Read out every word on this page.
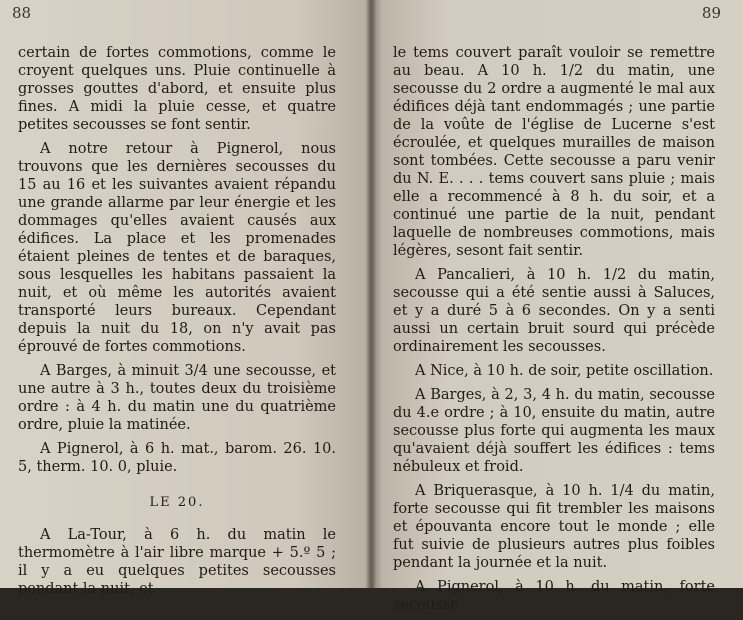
88

certain de fortes commotions, comme le croyent quelques uns. Pluie continuelle à grosses gouttes d'abord, et ensuite plus fines. A midi la pluie cesse, et quatre petites secousses se font sentir.

A notre retour à Pignerol, nous trouvons que les dernières secousses du 15 au 16 et les suivantes avaient répandu une grande allarme par leur énergie et les dommages qu'elles avaient causés aux édifices. La place et les promenades étaient pleines de tentes et de baraques, sous lesquelles les habitans passaient la nuit, et où même les autorités avaient transporté leurs bureaux. Cependant depuis la nuit du 18, on n'y avait pas éprouvé de fortes commotions.

A Barges, à minuit 3/4 une secousse, et une autre à 3 h., toutes deux du troisième ordre : à 4 h. du matin une du quatrième ordre, pluie la matinée.

A Pignerol, à 6 h. mat., barom. 26. 10. 5, therm. 10. 0, pluie.

LE 20.

A La-Tour, à 6 h. du matin le thermomètre à l'air libre marque + 5.º 5 ; il y a eu quelques petites secousses pendant la nuit, et

89

le tems couvert paraît vouloir se remettre au beau. A 10 h. 1/2 du matin, une secousse du 2 ordre a augmenté le mal aux édifices déjà tant endommagés ; une partie de la voûte de l'église de Lucerne s'est écroulée, et quelques murailles de maison sont tombées. Cette secousse a paru venir du N. E. . . . tems couvert sans pluie ; mais elle a recommencé à 8 h. du soir, et a continué une partie de la nuit, pendant laquelle de nombreuses commotions, mais légères, sesont fait sentir.

A Pancalieri, à 10 h. 1/2 du matin, secousse qui a été sentie aussi à Saluces, et y a duré 5 à 6 secondes. On y a senti aussi un certain bruit sourd qui précède ordinairement les secousses.

A Nice, à 10 h. de soir, petite oscillation.

A Barges, à 2, 3, 4 h. du matin, secousse du 4.e ordre ; à 10, ensuite du matin, autre secousse plus forte qui augmenta les maux qu'avaient déjà souffert les édifices : tems nébuleux et froid.

A Briquerasque, à 10 h. 1/4 du matin, forte secousse qui fit trembler les maisons et épouvanta encore tout le monde ; elle fut suivie de plusieurs autres plus foibles pendant la journée et la nuit.

A Pignerol, à 10 h. du matin, forte secousse
